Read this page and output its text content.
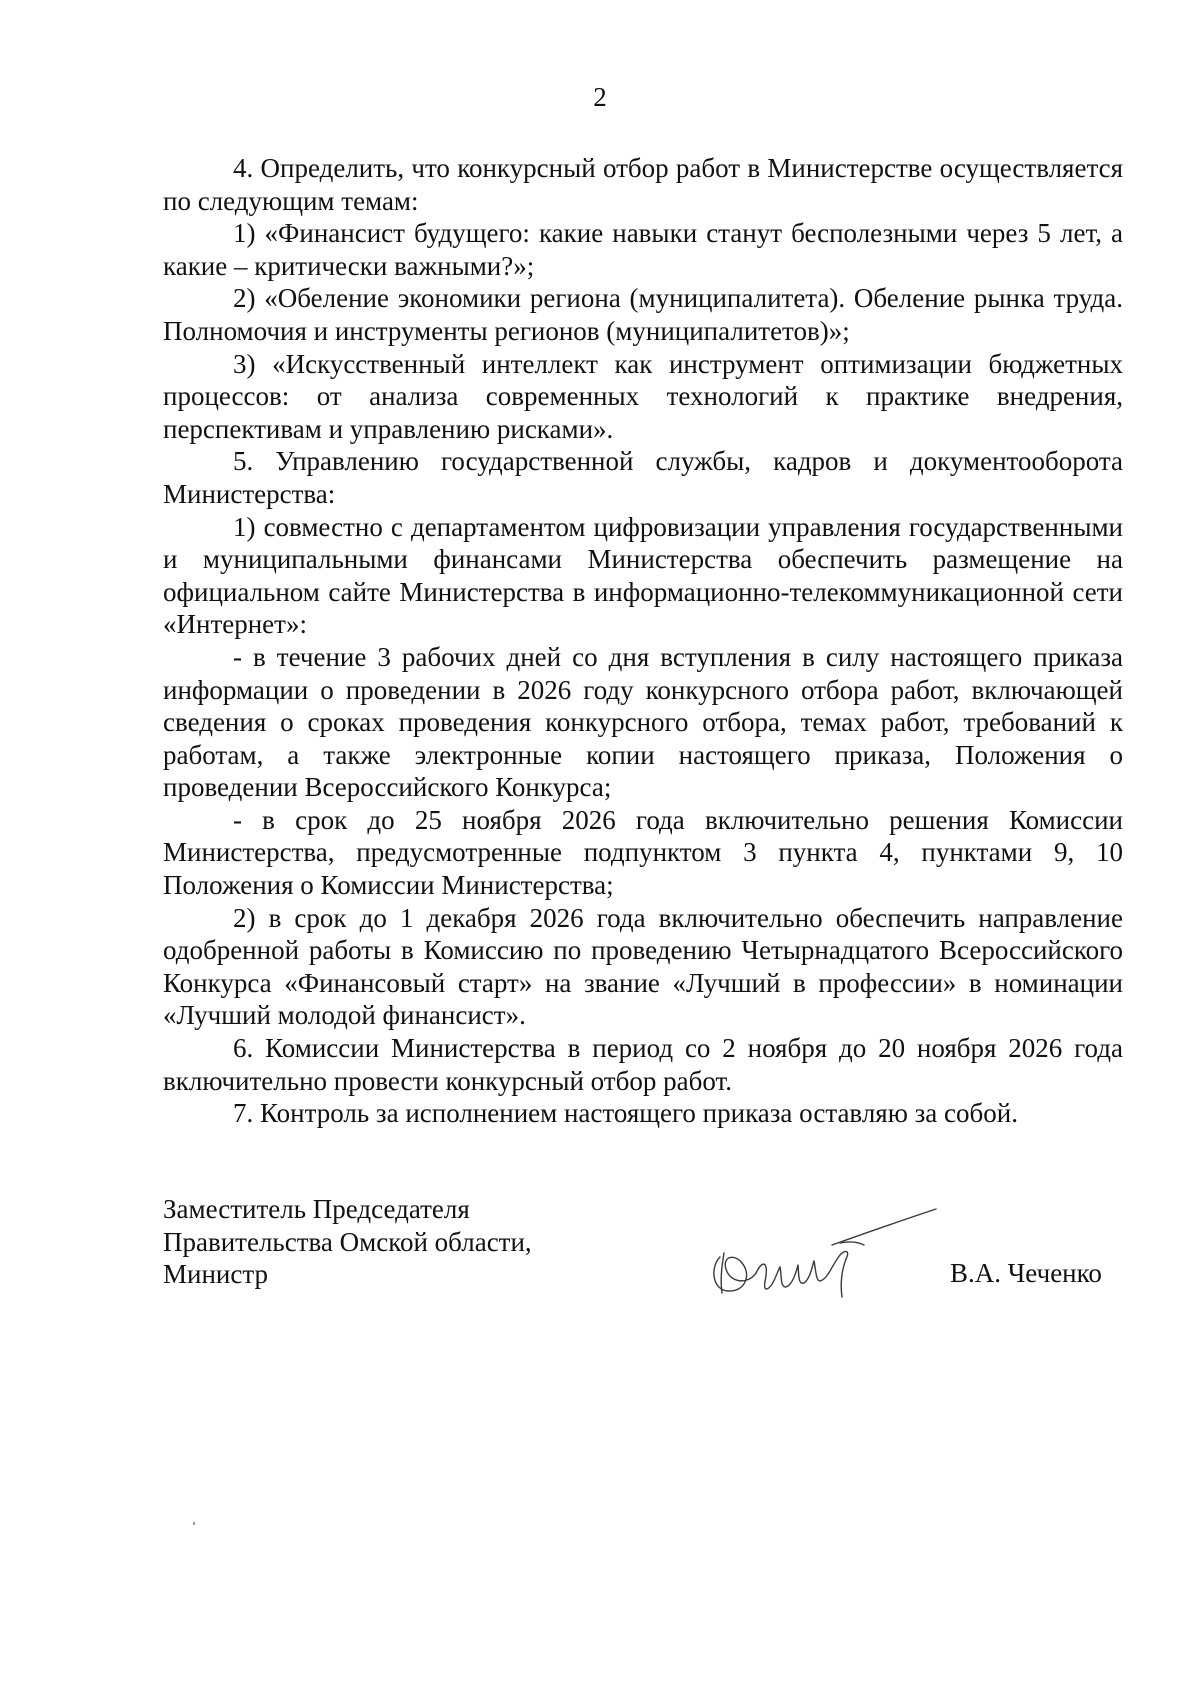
2

4. Определить, что конкурсный отбор работ в Министерстве осуществляется по следующим темам:

1) «Финансист будущего: какие навыки станут бесполезными через 5 лет, а какие – критически важными?»;

2) «Обеление экономики региона (муниципалитета). Обеление рынка труда. Полномочия и инструменты регионов (муниципалитетов)»;

3) «Искусственный интеллект как инструмент оптимизации бюджетных процессов: от анализа современных технологий к практике внедрения, перспективам и управлению рисками».

5. Управлению государственной службы, кадров и документооборота Министерства:

1) совместно с департаментом цифровизации управления государственными и муниципальными финансами Министерства обеспечить размещение на официальном сайте Министерства в информационно-телекоммуникационной сети «Интернет»:

- в течение 3 рабочих дней со дня вступления в силу настоящего приказа информации о проведении в 2026 году конкурсного отбора работ, включающей сведения о сроках проведения конкурсного отбора, темах работ, требований к работам, а также электронные копии настоящего приказа, Положения о проведении Всероссийского Конкурса;

- в срок до 25 ноября 2026 года включительно решения Комиссии Министерства, предусмотренные подпунктом 3 пункта 4, пунктами 9, 10 Положения о Комиссии Министерства;

2) в срок до 1 декабря 2026 года включительно обеспечить направление одобренной работы в Комиссию по проведению Четырнадцатого Всероссийского Конкурса «Финансовый старт» на звание «Лучший в профессии» в номинации «Лучший молодой финансист».

6. Комиссии Министерства в период со 2 ноября до 20 ноября 2026 года включительно провести конкурсный отбор работ.

7. Контроль за исполнением настоящего приказа оставляю за собой.

Заместитель Председателя
Правительства Омской области,
Министр	В.А. Чеченко
